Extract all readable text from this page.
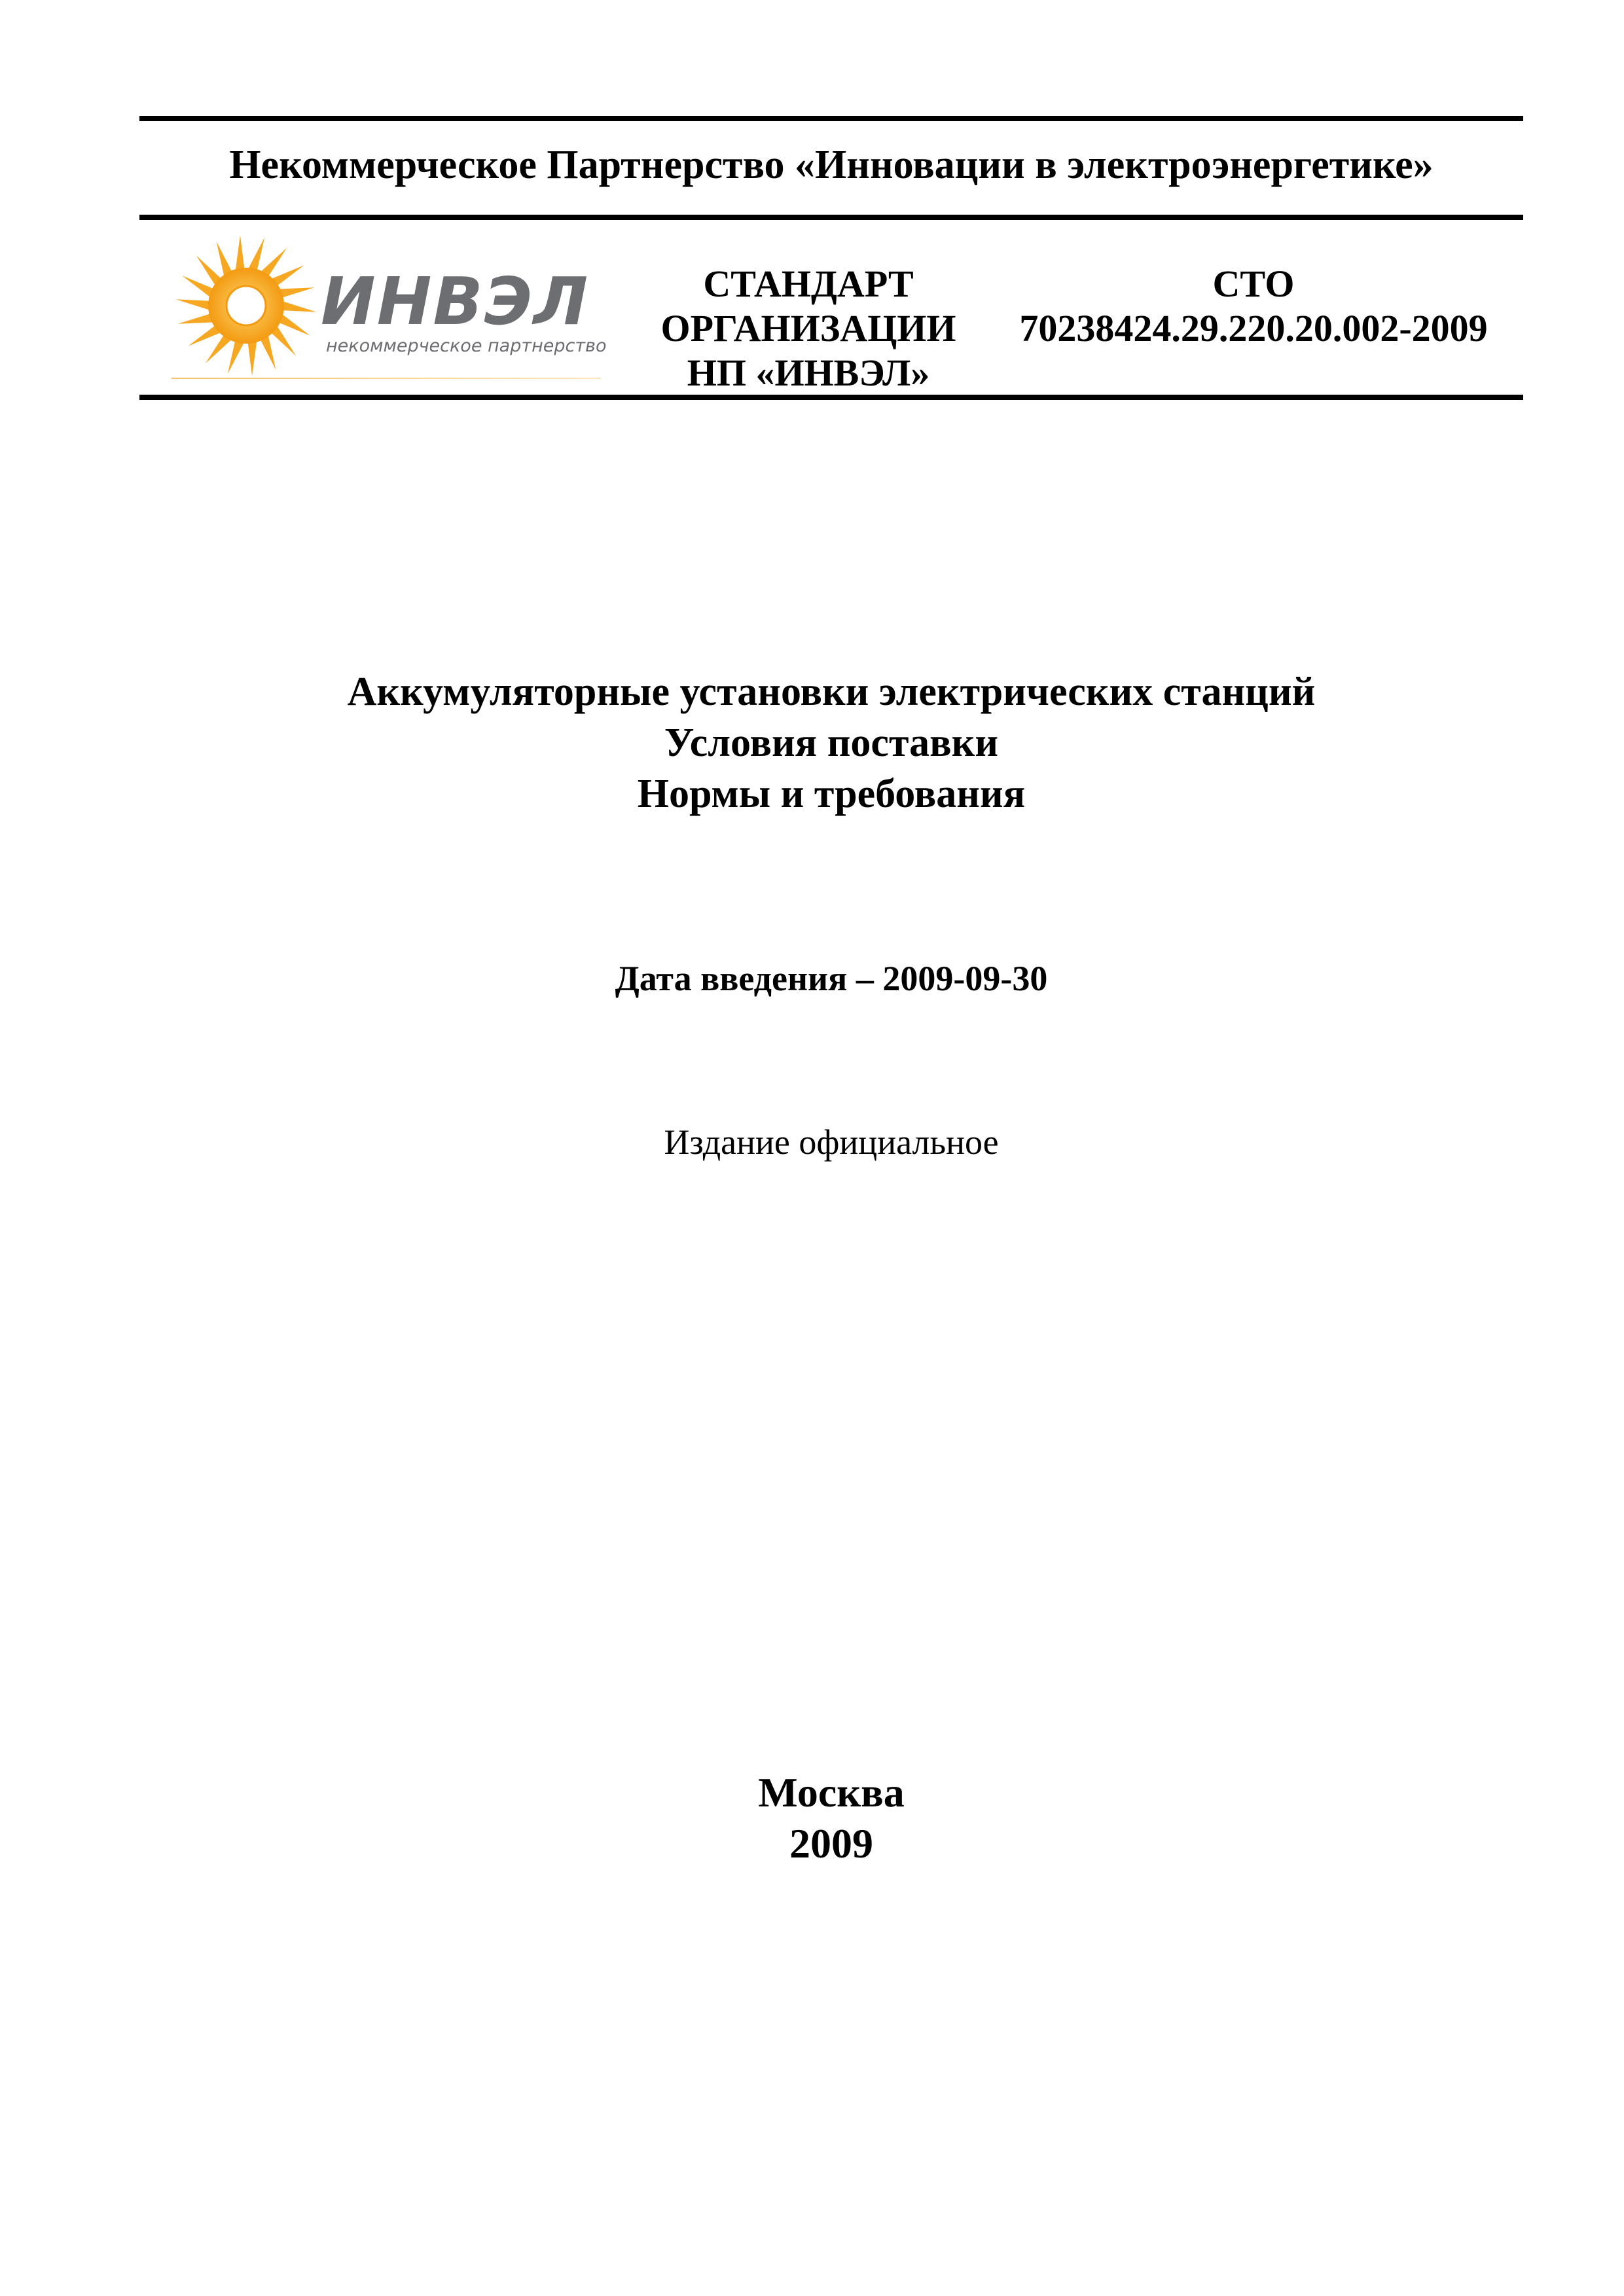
Некоммерческое Партнерство «Инновации в электроэнергетике»
ИНВЭЛ
некоммерческое партнерство
СТАНДАРТ
ОРГАНИЗАЦИИ
НП «ИНВЭЛ»
СТО
70238424.29.220.20.002-2009
Аккумуляторные установки электрических станций
Условия поставки
Нормы и требования
Дата введения – 2009-09-30
Издание официальное
Москва
2009
